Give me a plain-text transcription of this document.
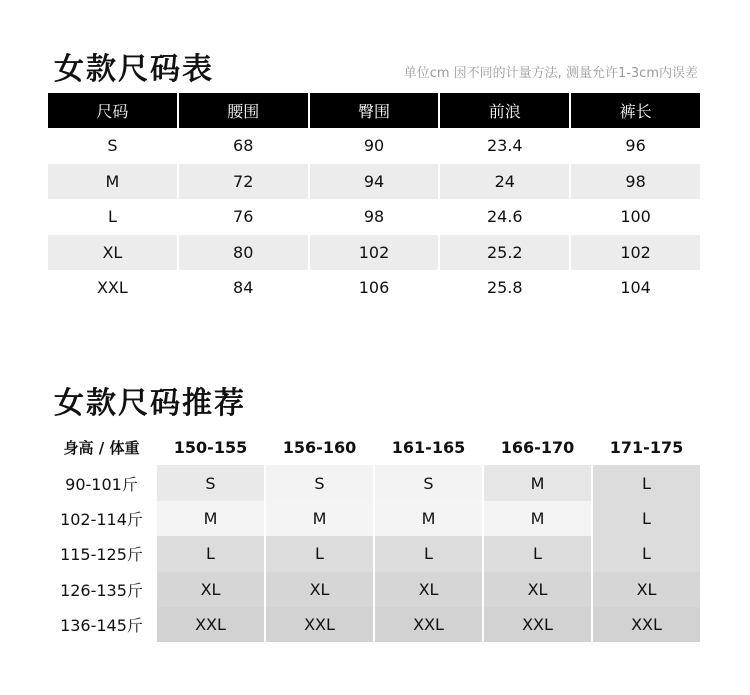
女款尺码表	单位cm 因不同的计量方法, 测量允许1-3cm内误差
尺码	腰围	臀围	前浪	裤长
S	68	90	23.4	96
M	72	94	24	98
L	76	98	24.6	100
XL	80	102	25.2	102
XXL	84	106	25.8	104
女款尺码推荐
身高 / 体重	150-155	156-160	161-165	166-170	171-175
90-101斤	S	S	S	M	L
102-114斤	M	M	M	M	L
115-125斤	L	L	L	L	L
126-135斤	XL	XL	XL	XL	XL
136-145斤	XXL	XXL	XXL	XXL	XXL
